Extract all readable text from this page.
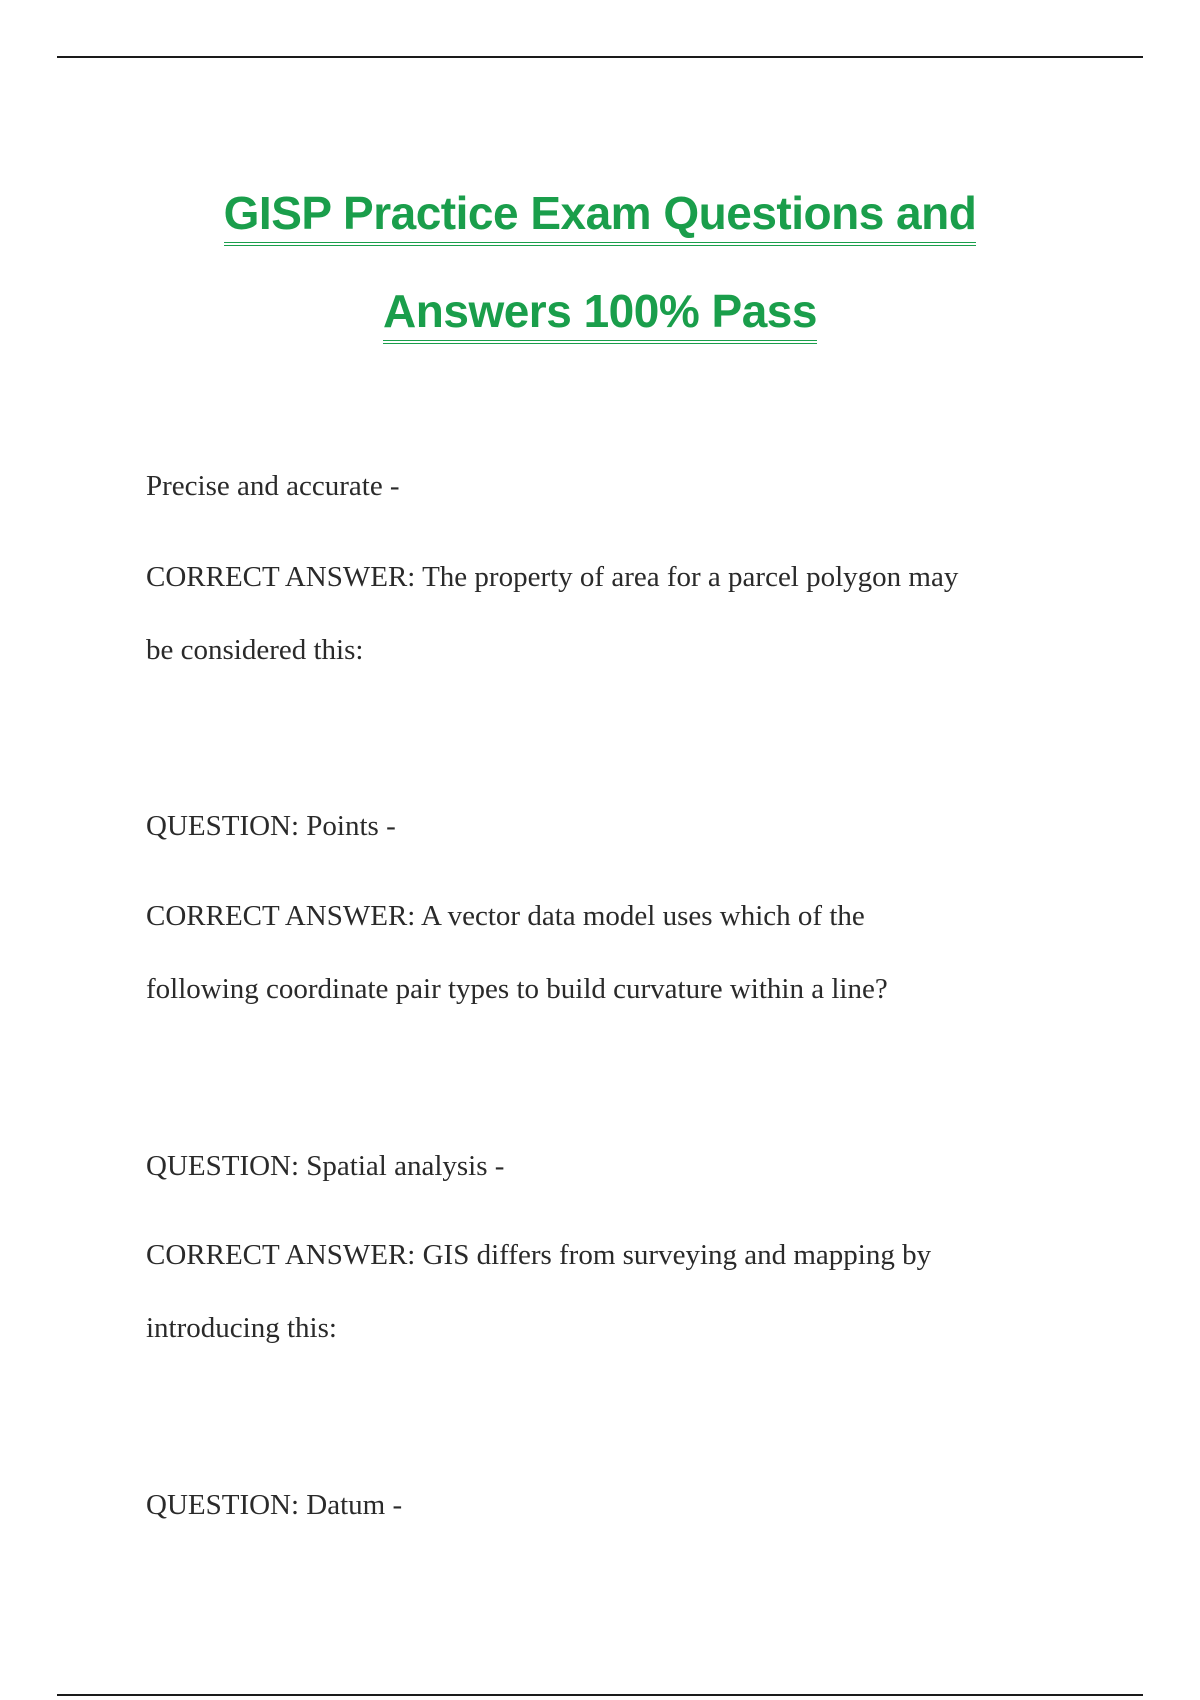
GISP Practice Exam Questions and
Answers 100% Pass
Precise and accurate -
CORRECT ANSWER: The property of area for a parcel polygon may
be considered this:
QUESTION: Points -
CORRECT ANSWER: A vector data model uses which of the
following coordinate pair types to build curvature within a line?
QUESTION: Spatial analysis -
CORRECT ANSWER: GIS differs from surveying and mapping by
introducing this:
QUESTION: Datum -
